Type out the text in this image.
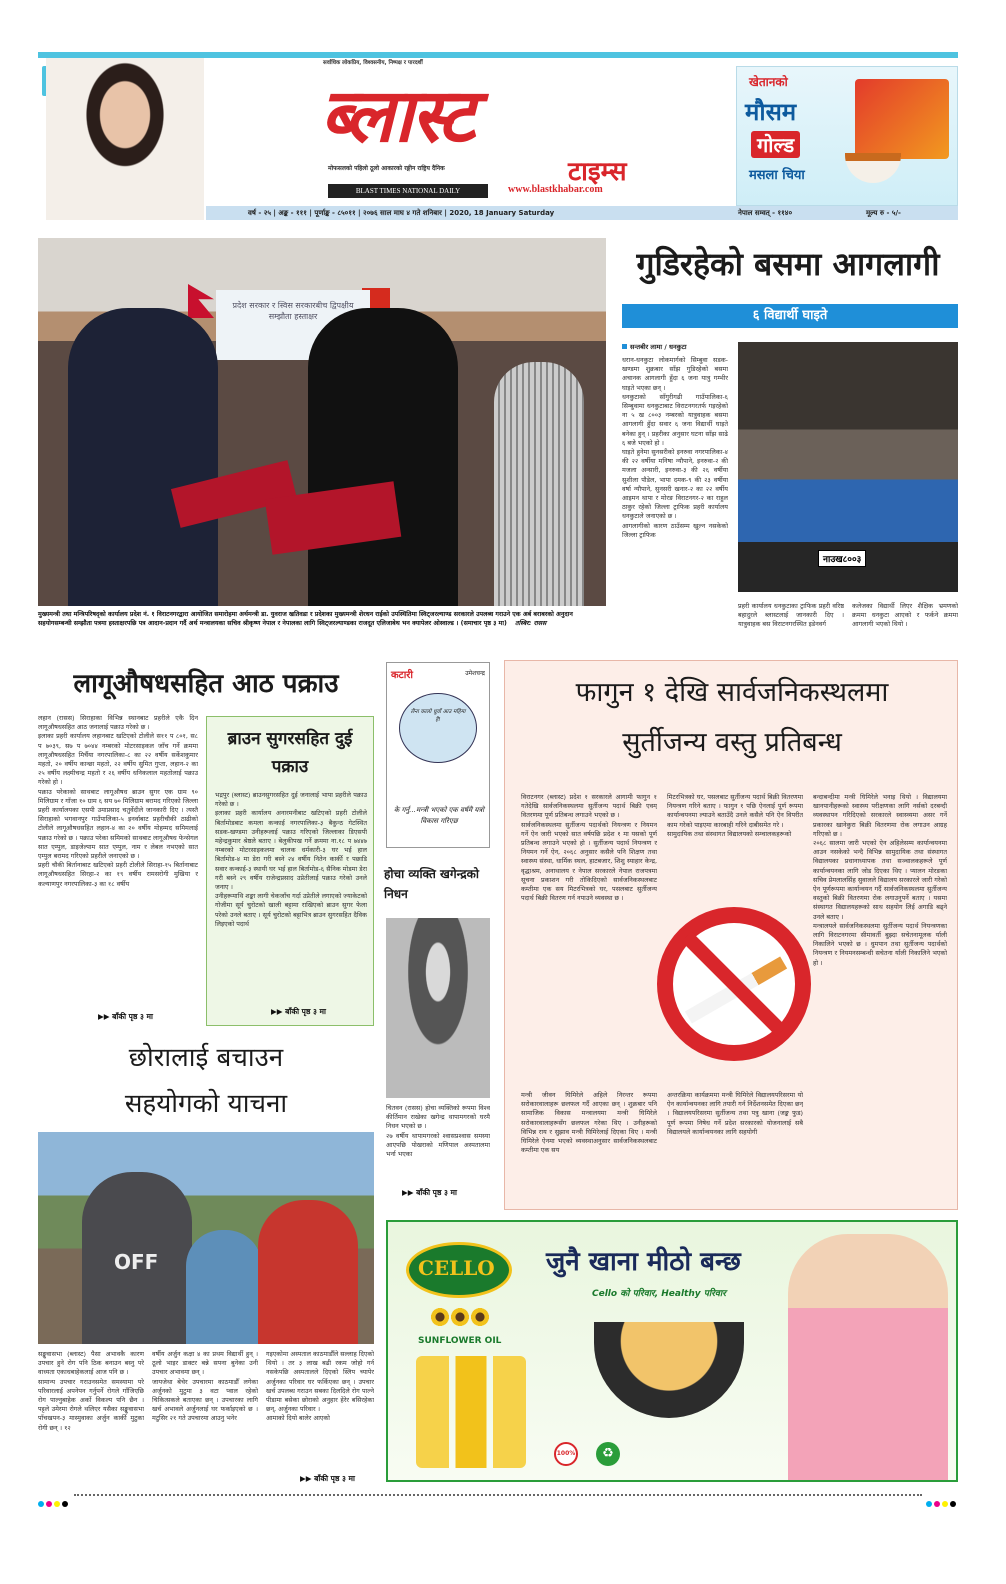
सर्वाधिक लोकप्रिय, विश्वसनीय, निष्पक्ष र पारदर्शी
ब्लास्ट
टाइम्स
मोफसलको पहिलो ठूलो आकारको रङ्गीन राष्ट्रिय दैनिक
BLAST TIMES NATIONAL DAILY	www.blastkhabar.com
खेतानको
मौसम
गोल्ड
मसला चिया
वर्ष - २५ | अङ्क - १११ | पूर्णाङ्क - ८५०११ | २०७६ साल माघ ४ गते शनिबार | 2020, 18 January Saturday	नेपाल सम्वत् - ११४०	मूल्य रु - ५/-
प्रदेश सरकार र स्विस सरकारबीच द्विपक्षीय सम्झौता हस्ताक्षर
मुख्यमन्त्री तथा मन्त्रिपरिषद्को कार्यालय प्रदेश नं. १ विराटनगरद्वारा आयोजित समारोहमा अर्थमन्त्री डा. युवराज खतिवडा र प्रदेशका मुख्यमन्त्री शेरधन राईको उपस्थितिमा स्विट्जरल्याण्ड सरकारले उपलब्ध गराउने एक अर्ब बराबरको अनुदान सहयोगसम्बन्धी सम्झौता पत्रमा हस्ताक्षरपछि पत्र आदान-प्रदान गर्दै अर्थ मन्त्रालयका सचिव श्रीकृष्ण नेपाल र नेपालका लागि स्विट्जरल्याण्डका राजदूत एलिजाबेथ भन क्यापेलर ओस्वाल्ड । (समाचार पृष्ठ ३ मा) तस्बिर: रासस
गुडिरहेको बसमा आगलागी
६ विद्यार्थी घाइते
सन्तबीर लामा / धनकुटा
धरान-धनकुटा लोकमार्गको सिम्बुवा सडक-खण्डमा शुक्रबार साँझ गुडिरहेको बसमा अचानक आगलागी हुँदा ६ जना यात्रु गम्भीर घाइते भएका छन् ।
धनकुटाको साँगुरीगढी गाउँपालिका-६ सिम्बुवामा धनकुटाबाट विराटनगरतर्फ गइरहेको ना ५ ख ८००३ नम्बरको यात्रुवाहक बसमा आगलागी हुँदा सवार ६ जना विद्यार्थी घाइते बनेका हुन् । प्रहरीका अनुसार घटना साँझ साढे ६ बजे भएको हो ।
घाइते हुनेमा सुनसरीको इनरुवा नगरपालिका-४ की २२ वर्षीया मनिषा न्यौपाने, इनरुवा-२ की मजला अन्सारी, इनरुवा-३ की २६ वर्षीया सुशीला पौडेल, भापा दमक-९ की २३ वर्षीया वर्षा न्यौपाने, सुनसरी खनार-२ का २२ वर्षीय आइमन थापा र मोरङ विराटनगर-२ का राहुल ठाकुर रहेको जिल्ला ट्राफिक प्रहरी कार्यालय धनकुटाले जनाएको छ ।
आगलागीको कारण ठाउँसम्म खुल्न नसकेको जिल्ला ट्राफिक
नाउख८००३
प्रहरी कार्यालय धनकुटाका ट्राफिक प्रहरी वरिष्ठ बहादुरले ब्लास्टलाई जानकारी दिए । यात्रुवाहक बस विराटनगरस्थित इडेनवर्ग
कलेजका विद्यार्थी लिएर शैक्षिक भ्रमणको क्रममा धनकुटा आएको र फर्कने क्रममा आगलागी भएको थियो ।
लागूऔषधसहित आठ पक्राउ
लहान (रासस) सिराहाका विभिन्न स्थानबाट प्रहरीले एकै दिन लागूऔषधसहित आठ जनालाई पक्राउ गरेको छ ।
इलाका प्रहरी कार्यालय लहानबाट खटिएको टोलीले स११ प ८०१, स८ प ७०३९, स७ प ७०४४ नम्बरको मोटरसाइकल जाँच गर्ने क्रममा लागूऔषधसहित मिर्चैया नगरपालिका-८ का २२ वर्षीय सर्केशकुमार महतो, २० वर्षीय कान्छा महतो, २२ वर्षीय सुमित गुप्ता, लहान-२ का २५ वर्षीय लक्ष्मीचन्द्र महतो र २६ वर्षीय धनिकलाल महतोलाई पक्राउ गरेको हो ।
पक्राउ परेकाको साथबाट लागूऔषध ब्राउन सुगर एक ग्राम ९० मिलिग्राम र गाँजा १० ग्राम ६ सय ७० मिलिग्राम बरामद गरिएको जिल्ला प्रहरी कार्यालयका एसपी उमाप्रसाद चतुर्वेदीले जानकारी दिए । त्यस्तै सिराहाको भगवानपुर गाउँपालिका-५ इनर्वाबाट प्रहरीचौकी ठाढीको टोलीले लागूऔषधसहित लहान-४ का २० वर्षीय मोहम्मद समिमलाई पक्राउ गरेको छ । पक्राउ परेका समिमको साथबाट लागूऔषध फेन्सेगल सात एम्पुल, डाइजेल्पाम सात एम्पुल, नाम र लेबल नभएको सात एम्पुल बरामद गरिएको प्रहरीले जनाएको छ ।
प्रहरी चौकी बिर्तानाबाट खटिएको प्रहरी टोलीले सिराहा-१५ बिर्तानाबाट लागूऔषधसहित सिरहा-२ का १९ वर्षीय रामसरोगी मुखिया र कल्याणपुर नगरपालिका-३ का १८ वर्षीय
▶▶ बाँकी पृष्ठ ३ मा
ब्राउन सुगरसहित दुई पक्राउ
भद्रपुर (ब्लास्ट) ब्राउनसुगरसहित दुई जनालाई भापा प्रहरीले पक्राउ गरेको छ ।
इलाका प्रहरी कार्यालय अनारमनीबाट खटिएको प्रहरी टोलीले बिर्तामोडबाट कमला कन्काई नगरपालिका-३ बैकुन्ठ गेटस्थित सडक-खण्डमा उनीहरूलाई पक्राउ गरिएको जिल्लाका डिएसपी महेन्द्रकुमार श्रेष्ठले बताए । बेलुकीपख गर्ने क्रममा ना.१८ प ७४४७ नम्बरको मोटरसाइकलमा चालक धर्मकारी-३ घर भई हाल बिर्तामोड-४ मा डेरा गरी बस्ने २४ वर्षीय नितेन कार्की र पछाडि सवार कन्काई-३ स्थायी घर भई हाल बिर्तामोड-६ सैनिक मोडमा डेरा गरी बस्ने २९ वर्षीय राजेन्द्रप्रसाद उप्रेतीलाई पक्राउ गरेको उनले जनाए ।
उनीहरूमाथि शङ्का लागी चेकजाँच गर्दा उप्रेतीले लगाएको ज्याकेटको गोजीमा सूर्य चुरोटको खाली बट्टामा राखिएको ब्राउन सुगर फेला परेको उनले बताए । सूर्य चुरोटको बट्टाभित्र ब्राउन सुगरसहित दैविक लिइएको पदार्थ
▶▶ बाँकी पृष्ठ ३ मा
कटारी	उमेशचन्द्र
लैना कालो धुवाँ आउ महिमा है!
के गर्नु...मन्त्री भएको एक वर्षमै यत्रो विकास गरिएछ
होचा व्यक्ति खगेन्द्रको निधन
चितवन (रासस) होचा व्यक्तिको रूपमा विश्व कीर्तिमान राखेका खगेन्द्र थापामगरको घरमै निधन भएको छ ।
२७ वर्षीय थापामगरको श्वासप्रश्वास समस्या आएपछि पोखराको मणिपाल अस्पतालमा भर्ना भएका
▶▶ बाँकी पृष्ठ ३ मा
फागुन १ देखि सार्वजनिकस्थलमा
सुर्तीजन्य वस्तु प्रतिबन्ध
विराटनगर (ब्लास्ट) प्रदेश १ सरकारले आगामी फागुन १ गतेदेखि सार्वजनिकस्थलमा सुर्तीजन्य पदार्थ बिक्री एवम् वितरणमा पूर्ण प्रतिबन्ध लगाउने भएको छ ।
सार्वजनिकस्थलमा सुर्तीजन्य पदार्थको नियन्त्रण र नियमन गर्ने ऐन जारी भएको सात वर्षपछि प्रदेश १ मा यसको पूर्ण प्रतिबन्ध लगाउने भएको हो । सुर्तीजन्य पदार्थ नियन्त्रण र नियमन गर्ने ऐन, २०६८ अनुसार कसैले पनि शिक्षण तथा स्वास्थ्य संस्था, धार्मिक स्थल, हाटबजार, शिशु स्याहार केन्द्र, वृद्धाश्रम, अनाथालय र नेपाल सरकारले नेपाल राजपत्रमा सूचना प्रकाशन गरी तोकिदिएको सार्वजनिकस्थलबाट कम्तीमा एक सय मिटरभित्रको घर, पसलबाट सुर्तीजन्य पदार्थ बिक्री वितरण गर्न नपाउने व्यवस्था छ ।
मिटरभित्रको घर, पसलबाट सुर्तीजन्य पदार्थ बिक्री वितरणमा नियन्त्रण गरिने बताए । फागुन १ पछि ऐनलाई पूर्ण रूपमा कार्यान्वयनमा ल्याउने बताउँदै उनले कसैले पनि ऐन विपरीत काम गरेको पाइएमा कारबाही गरिने दाबीसमेत गरे ।
सामुदायिक तथा संस्थागत विद्यालयको सम्चालकहरूको
बन्दाबन्दीमा मन्त्री घिमिरेले भनाइ थियो । विद्यालयमा खानपानीहरूको स्वास्थ्य परीक्षणका लागि नर्सको दरबन्दी व्यवस्थापन गरिदिएको सरकारले स्वास्थ्यमा असर गर्ने प्रकारका खानेकुरा बिक्री वितरणमा रोक लगाउन आग्रह गरिएको छ ।
२०६८ सालमा जारी भएको ऐन अहिलेसम्म कार्यान्वयनमा आउन नसकेको भन्दै विभिन्न सामुदायिक तथा संस्थागत विद्यालयका प्रधानाध्यापक तथा सञ्चालकहरूले पूर्ण कार्यान्वयनका लागि जोड दिएका थिए । प्यालन मोरङका सचिव प्रेमलालसिंह सुवालले विद्यालय सरकारले जारी गरेको ऐन पूर्णरूपमा कार्यान्वयन गर्दै सार्वजनिकस्थलमा सुर्तीजन्य वस्तुको बिक्री वितरणमा रोक लगाउनुपर्ने बताए । यसमा संस्थागत विद्यालयहरूको साथ सहयोग लिई अगाडि बढ्ने उनले बताए ।
मन्त्रालयले सार्वजनिकस्थलमा सुर्तीजन्य पदार्थ नियन्त्रणका लागि विराटनगरमा सीमावर्ती बुझ्दा सचेतनामूलक र्याली निकालिने भएको छ । धुमपान तथा सुर्तीजन्य पदार्थको नियन्त्रण र नियमनसम्बन्धी सचेतना र्याली निकालिने भएको हो ।
मन्त्री जीवन घिमिरेले अहिले निरन्तर रूपमा सरोकारवालाहरू छलफल गर्दै आएका छन् । शुक्रबार पनि सामाजिक विकास मन्त्रालयमा मन्त्री घिमिरेले सरोकारवालाहरूसँग छलफल गरेका थिए । उनीहरूको विभिन्न राय र सुझाव मन्त्री घिमिरेलाई दिएका थिए । मन्त्री घिमिरेले ऐनमा भएको व्यवस्थाअनुसार सार्वजनिकस्थलबाट कम्तीमा एक सय
अन्तरक्रिया कार्यक्रममा मन्त्री घिमिरेले विद्यालयपरिसरमा यो ऐन कार्यान्वयनका लागि तयारी गर्न निर्देशनसमेत दिएका छन् । विद्यालयपरिसरमा सुर्तीजन्य तथा पत्रु खाना (जङ्क फुड) पूर्ण रूपमा निषेध गर्ने प्रदेश सरकारको योजनालाई सबै विद्यालयले कार्यान्वयनका लागि सहयोगी
छोरालाई बचाउन
सहयोगको याचना
OFF
सङ्खुवासभा (ब्लास्ट) पैसा अभावकै कारण उपचार हुने रोग पनि ठिक बनाउन बस्नु परे वाध्यता एकाधबाहेकलाई आज पनि छ ।
सामान्य उपचार गराउनसमेत समस्यामा परे परिवारलाई अपनेपन गर्नुपर्ने रोगले गाँजिएछि रोग पाल्नुबाहेक अर्को विकल्प पनि छैन । पट्टले उमेरमा रोगले थलिएर यसैका सङ्खुवासभा पाँचखपन-३ मास्मुवाका अर्जुन कार्की मुटुका रोगी छन् । १२
वर्षीय अर्जुन कक्षा ४ का प्रथम विद्यार्थी हुन् । ठूलो भाइर डाक्टर बन्ने सपना बुनेका उनी उपचार अभावमा छन् ।
जायजेथा बेचेर उपचारमा काठमाडौँ लगेका अर्जुनको मुटुमा ३ वटा प्वाल रहेको चिकित्सकले बताएका छन् । उपचारका लागि खर्च अभावले अर्जुनलाई घर फर्काइएको छ । मटुसिर २१ गते उपचारमा आउनु भनेर
गइएकोमा अस्पताल काठमाडौँले सल्लाह दिएको थियो । तर ३ लाख बढी रकम जोहो गर्न नसकेपछि अस्पतालले दिएको स्लिप च्यापेर अर्जुनका परिवार घर फर्किएका छन् । उपचार खर्च उपलब्ध गराउन सबका दिलदिले रोग पाल्ने पीडामा बसेका छोराको अनुहार हेरेर बसिरहेका छन्, अर्जुनका परिवार ।
आमाको दियो बालेर आएको
▶▶ बाँकी पृष्ठ ३ मा
CELLO
SUNFLOWER OIL
जुनै खाना मीठो बन्छ
Cello को परिवार, Healthy परिवार
100%	♻
